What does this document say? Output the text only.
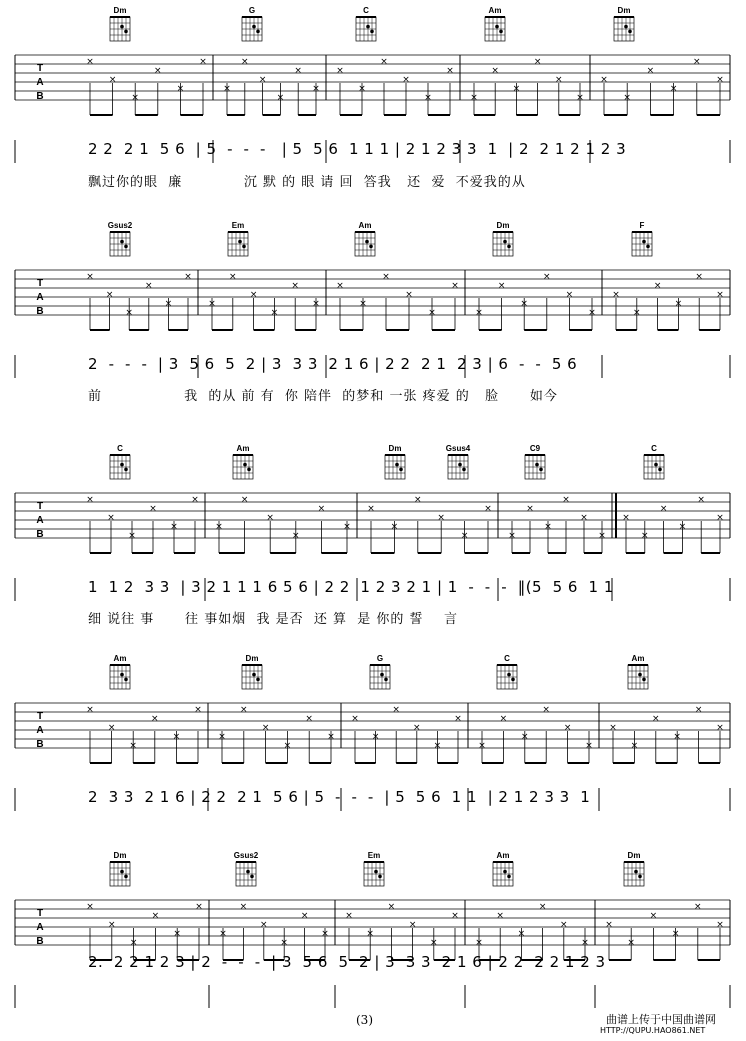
T
A
B
×
×
×
×
×
×
×
×
×
×
×
×
×
×
×
×
×
×
×
×
×
×
×
×
×
×
×
×
×
×
Dm	G	C	Am	Dm
T
A
B
×
×
×
×
×
×
×
×
×
×
×
×
×
×
×
×
×
×
×
×
×
×
×
×
×
×
×
×
×
×
Gsus2	Em	Am	Dm	F
T
A
B
×
×
×
×
×
×
×
×
×
×
×
×
×
×
×
×
×
×
×
×
×
×
×
×
×
×
×
×
×
×
C	Am	Dm	Gsus4	C9	C
T
A
B
×
×
×
×
×
×
×
×
×
×
×
×
×
×
×
×
×
×
×
×
×
×
×
×
×
×
×
×
×
×
Am	Dm	G	C	Am
T
A
B
×
×
×
×
×
×
×
×
×
×
×
×
×
×
×
×
×
×
×
×
×
×
×
×
×
×
×
×
×
×
Dm	Gsus2	Em	Am	Dm
2 2  2 1  5 6  | 5  -  -  -   | 5  5 6  1 1 1 | 2 1 2 3 3  1  | 2  2 1 2 1 2 3
飘过你的眼  廉            沉 默 的 眼 请 回  答我   还  爱  不爱我的从
2  -  -  -  | 3  5 6  5  2 | 3  3 3  2 1 6 | 2 2  2 1  2 3 | 6  -  -  5 6
前                我  的从 前 有  你 陪伴  的梦和 一张 疼爱 的   脸      如今
1  1 2  3 3  | 3 2 1 1 1 6 5 6 | 2 2  1 2 3 2 1 | 1  -  -  -  ‖(5  5 6  1 1
细 说往 事      往 事如烟  我 是否  还 算  是 你的 誓    言
2  3 3  2 1 6 | 2 2  2 1  5 6 | 5  -  -  -  | 5  5 6  1 1  | 2 1 2 3 3  1
2.  2 2 1 2 3 | 2  -  -  -  | 3  5 6  5  2 | 3  3 3  2 1 6 | 2 2  2 2 1 2 3
(3)	曲谱上传于中国曲谱网
HTTP://QUPU.HAO861.NET
